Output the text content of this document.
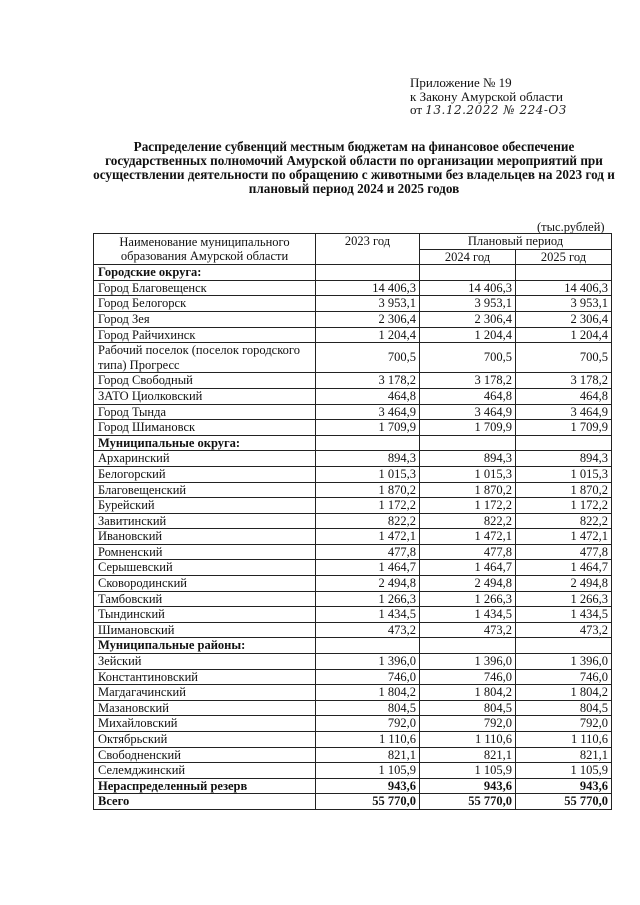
Приложение № 19
к Закону Амурской области
от 13.12.2022 № 224-ОЗ
Распределение субвенций местным бюджетам на финансовое обеспечение государственных полномочий Амурской области по организации мероприятий при осуществлении деятельности по обращению с животными без владельцев на 2023 год и плановый период 2024 и 2025 годов
(тыс.рублей)
Наименование муниципального образования Амурской области	2023 год	Плановый период	
		2024 год	2025 год
Городские округа:			
Город Благовещенск	14 406,3	14 406,3	14 406,3
Город Белогорск	3 953,1	3 953,1	3 953,1
Город Зея	2 306,4	2 306,4	2 306,4
Город Райчихинск	1 204,4	1 204,4	1 204,4
Рабочий поселок (поселок городского типа) Прогресс	700,5	700,5	700,5
Город Свободный	3 178,2	3 178,2	3 178,2
ЗАТО Циолковский	464,8	464,8	464,8
Город Тында	3 464,9	3 464,9	3 464,9
Город Шимановск	1 709,9	1 709,9	1 709,9
Муниципальные округа:			
Архаринский	894,3	894,3	894,3
Белогорский	1 015,3	1 015,3	1 015,3
Благовещенский	1 870,2	1 870,2	1 870,2
Бурейский	1 172,2	1 172,2	1 172,2
Завитинский	822,2	822,2	822,2
Ивановский	1 472,1	1 472,1	1 472,1
Ромненский	477,8	477,8	477,8
Серышевский	1 464,7	1 464,7	1 464,7
Сковородинский	2 494,8	2 494,8	2 494,8
Тамбовский	1 266,3	1 266,3	1 266,3
Тындинский	1 434,5	1 434,5	1 434,5
Шимановский	473,2	473,2	473,2
Муниципальные районы:			
Зейский	1 396,0	1 396,0	1 396,0
Константиновский	746,0	746,0	746,0
Магдагачинский	1 804,2	1 804,2	1 804,2
Мазановский	804,5	804,5	804,5
Михайловский	792,0	792,0	792,0
Октябрьский	1 110,6	1 110,6	1 110,6
Свободненский	821,1	821,1	821,1
Селемджинский	1 105,9	1 105,9	1 105,9
Нераспределенный резерв	943,6	943,6	943,6
Всего	55 770,0	55 770,0	55 770,0
